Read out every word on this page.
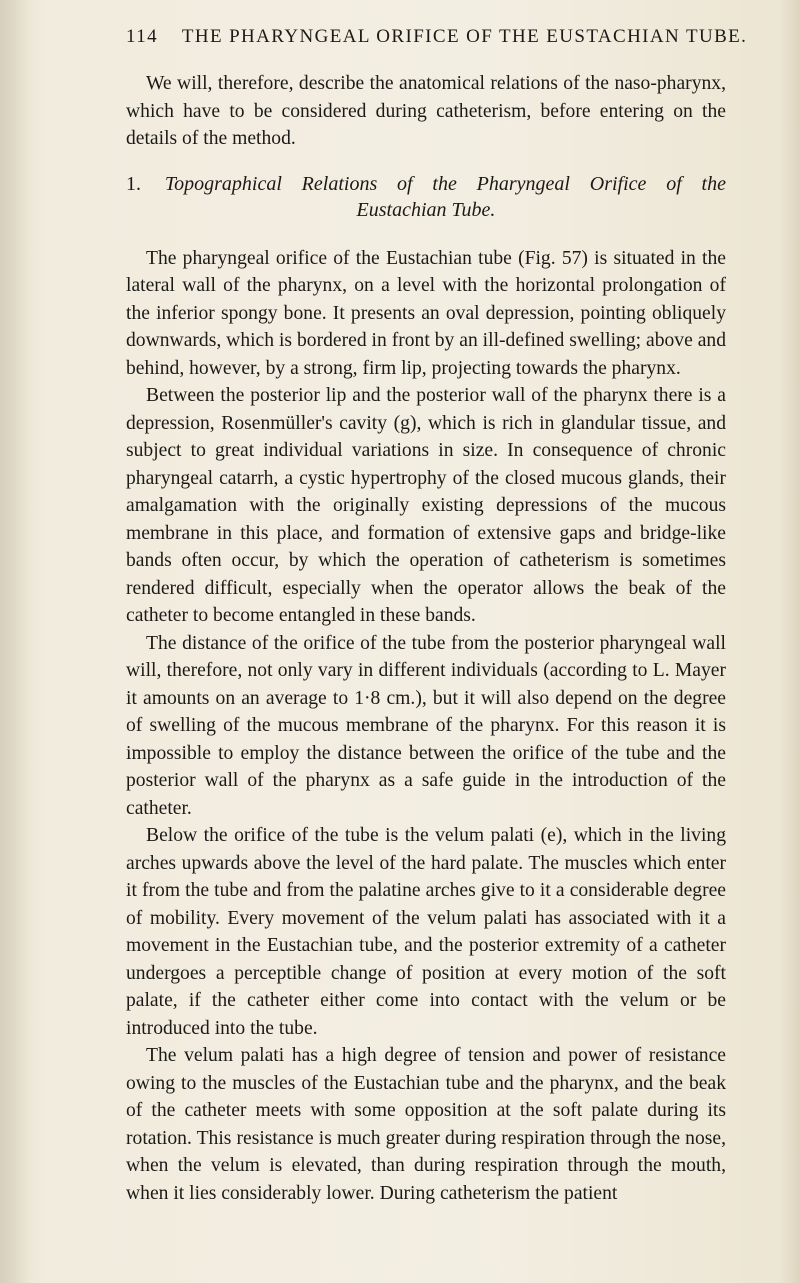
114 THE PHARYNGEAL ORIFICE OF THE EUSTACHIAN TUBE.

We will, therefore, describe the anatomical relations of the naso-pharynx, which have to be considered during catheterism, before entering on the details of the method.

1. Topographical Relations of the Pharyngeal Orifice of the
Eustachian Tube.

The pharyngeal orifice of the Eustachian tube (Fig. 57) is situated in the lateral wall of the pharynx, on a level with the horizontal prolongation of the inferior spongy bone. It presents an oval depression, pointing obliquely downwards, which is bordered in front by an ill-defined swelling; above and behind, however, by a strong, firm lip, projecting towards the pharynx.

Between the posterior lip and the posterior wall of the pharynx there is a depression, Rosenmüller's cavity (g), which is rich in glandular tissue, and subject to great individual variations in size. In consequence of chronic pharyngeal catarrh, a cystic hypertrophy of the closed mucous glands, their amalgamation with the originally existing depressions of the mucous membrane in this place, and formation of extensive gaps and bridge-like bands often occur, by which the operation of catheterism is sometimes rendered difficult, especially when the operator allows the beak of the catheter to become entangled in these bands.

The distance of the orifice of the tube from the posterior pharyngeal wall will, therefore, not only vary in different individuals (according to L. Mayer it amounts on an average to 1·8 cm.), but it will also depend on the degree of swelling of the mucous membrane of the pharynx. For this reason it is impossible to employ the distance between the orifice of the tube and the posterior wall of the pharynx as a safe guide in the introduction of the catheter.

Below the orifice of the tube is the velum palati (e), which in the living arches upwards above the level of the hard palate. The muscles which enter it from the tube and from the palatine arches give to it a considerable degree of mobility. Every movement of the velum palati has associated with it a movement in the Eustachian tube, and the posterior extremity of a catheter undergoes a perceptible change of position at every motion of the soft palate, if the catheter either come into contact with the velum or be introduced into the tube.

The velum palati has a high degree of tension and power of resistance owing to the muscles of the Eustachian tube and the pharynx, and the beak of the catheter meets with some opposition at the soft palate during its rotation. This resistance is much greater during respiration through the nose, when the velum is elevated, than during respiration through the mouth, when it lies considerably lower. During catheterism the patient
